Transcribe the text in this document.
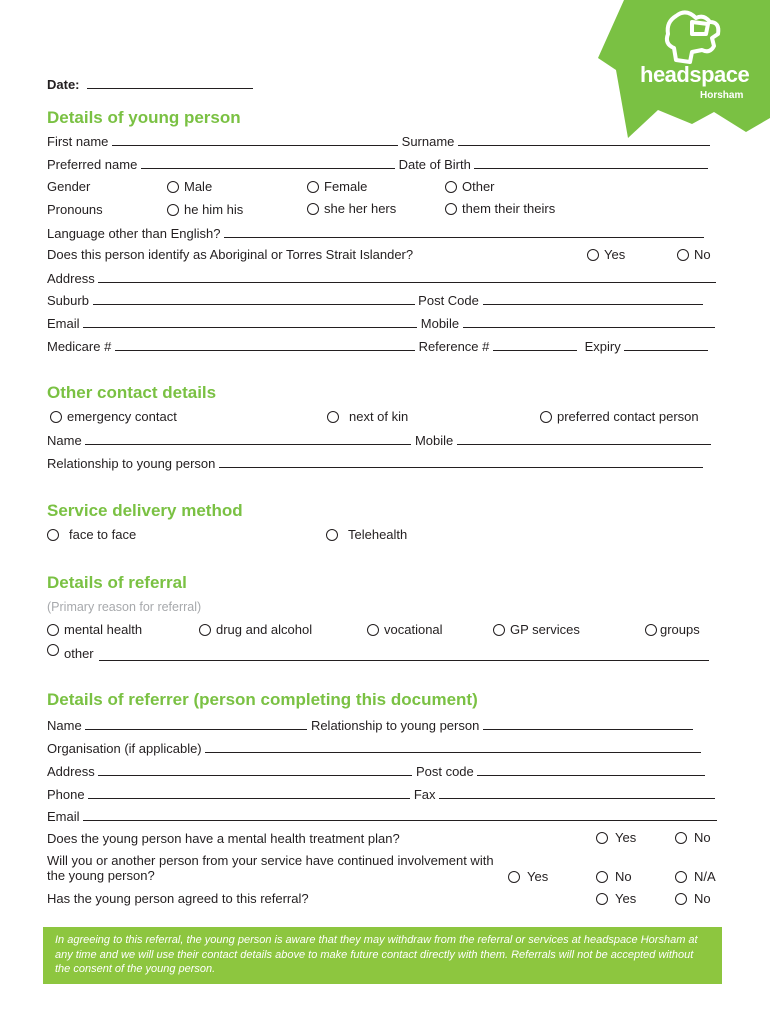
headspace
Horsham
Date:
Details of young person
First name	Surname
Preferred name	Date of Birth
Gender	Male	Female	Other
Pronouns	he him his	she her hers	them their theirs
Language other than English?
Does this person identify as Aboriginal or Torres Strait Islander?	Yes	No
Address
Suburb	Post Code
Email	Mobile
Medicare #	Reference #	Expiry
Other contact details
emergency contact	next of kin	preferred contact person
Name	Mobile
Relationship to young person
Service delivery method
face to face	Telehealth
Details of referral
(Primary reason for referral)
mental health	drug and alcohol	vocational	GP services	groups
other
Details of referrer (person completing this document)
Name	Relationship to young person
Organisation (if applicable)
Address	Post code
Phone	Fax
Email
Does the young person have a mental health treatment plan?	Yes	No
Will you or another person from your service have continued involvement with
the young person?	Yes	No	N/A
Has the young person agreed to this referral?	Yes	No
In agreeing to this referral, the young person is aware that they may withdraw from the referral or services at headspace Horsham at any time and we will use their contact details above to make future contact directly with them. Referrals will not be accepted without the consent of the young person.
